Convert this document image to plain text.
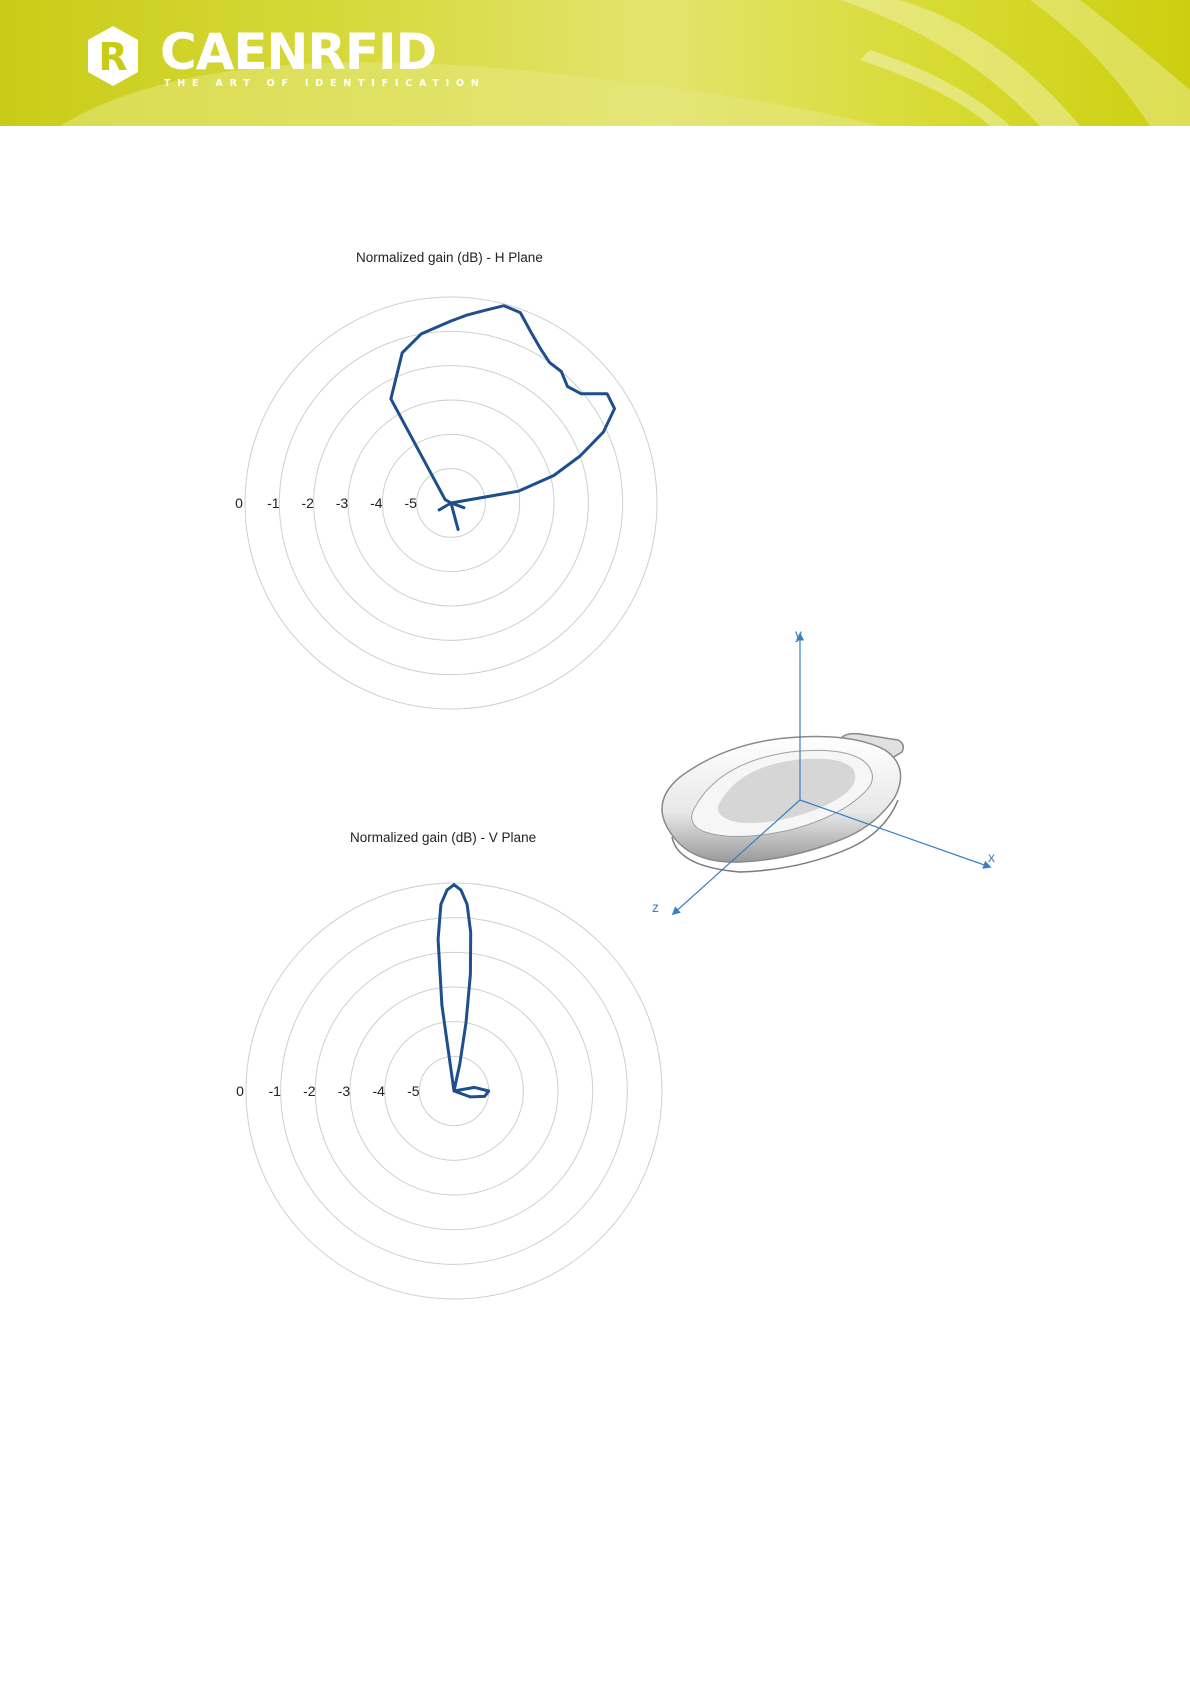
R CAENRFID
THE ART OF IDENTIFICATION
Normalized gain (dB) - H Plane
0 -1 -2 -3 -4 -5
Normalized gain (dB) - V Plane
0 -1 -2 -3 -4 -5
y
x
z
